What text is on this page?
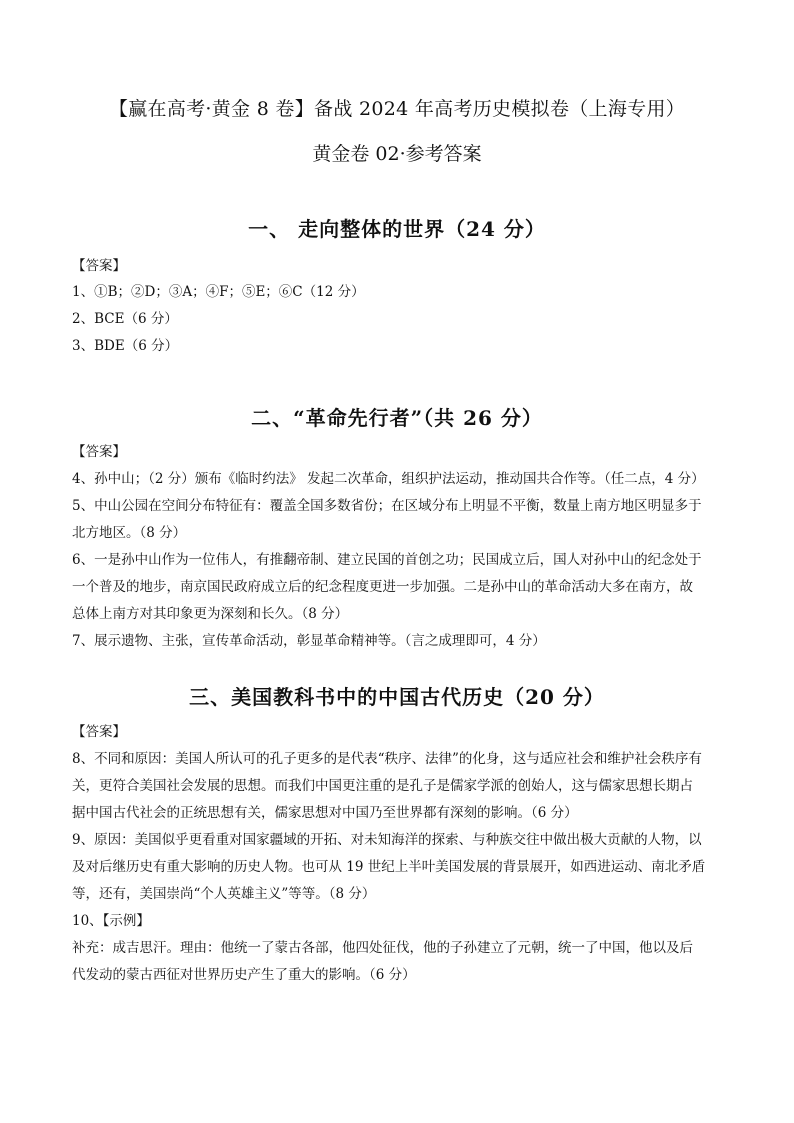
【赢在高考·黄金 8 卷】备战 2024 年高考历史模拟卷（上海专用）
黄金卷 02·参考答案
一、 走向整体的世界（24 分）
【答案】
1、①B；②D；③A；④F；⑤E；⑥C（12 分）
2、BCE（6 分）
3、BDE（6 分）
二、“革命先行者”（共 26 分）
【答案】
4、孙中山；（2 分）颁布《临时约法》 发起二次革命，组织护法运动，推动国共合作等。（任二点，4 分）
5、中山公园在空间分布特征有：覆盖全国多数省份；在区域分布上明显不平衡，数量上南方地区明显多于
北方地区。（8 分）
6、一是孙中山作为一位伟人，有推翻帝制、建立民国的首创之功；民国成立后，国人对孙中山的纪念处于
一个普及的地步，南京国民政府成立后的纪念程度更进一步加强。二是孙中山的革命活动大多在南方，故
总体上南方对其印象更为深刻和长久。（8 分）
7、展示遗物、主张，宣传革命活动，彰显革命精神等。（言之成理即可，4 分）
三、美国教科书中的中国古代历史（20 分）
【答案】
8、不同和原因：美国人所认可的孔子更多的是代表“秩序、法律”的化身，这与适应社会和维护社会秩序有
关，更符合美国社会发展的思想。而我们中国更注重的是孔子是儒家学派的创始人，这与儒家思想长期占
据中国古代社会的正统思想有关，儒家思想对中国乃至世界都有深刻的影响。（6 分）
9、原因：美国似乎更看重对国家疆域的开拓、对未知海洋的探索、与种族交往中做出极大贡献的人物，以
及对后继历史有重大影响的历史人物。也可从 19 世纪上半叶美国发展的背景展开，如西进运动、南北矛盾
等，还有，美国崇尚“个人英雄主义”等等。（8 分）
10、【示例】
补充：成吉思汗。理由：他统一了蒙古各部，他四处征伐，他的子孙建立了元朝，统一了中国，他以及后
代发动的蒙古西征对世界历史产生了重大的影响。（6 分）
